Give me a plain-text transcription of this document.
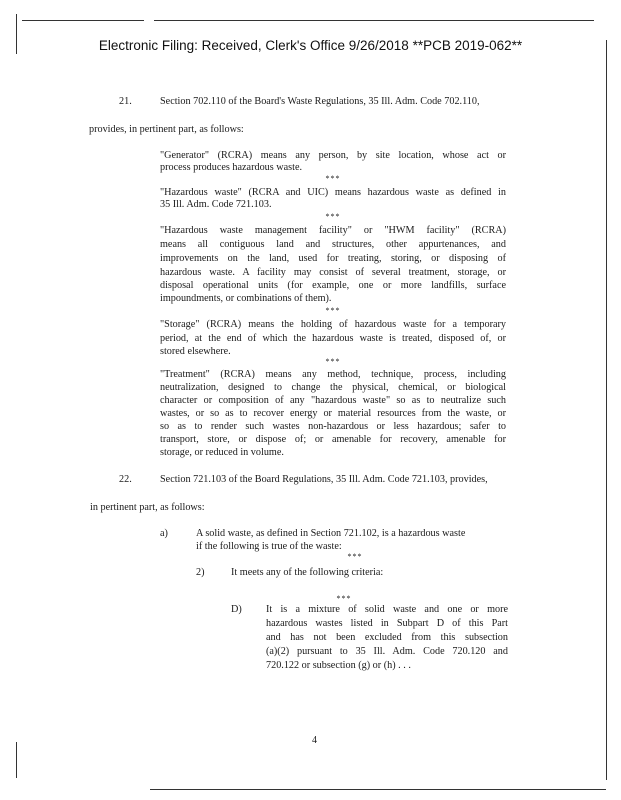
Electronic Filing: Received, Clerk's Office 9/26/2018 **PCB 2019-062**
21.	Section 702.110 of the Board's Waste Regulations, 35 Ill. Adm. Code 702.110,
provides, in pertinent part, as follows:
"Generator" (RCRA) means any person, by site location, whose act or
process produces hazardous waste.
***
"Hazardous waste" (RCRA and UIC) means hazardous waste as defined in
35 Ill. Adm. Code 721.103.
***
"Hazardous waste management facility" or "HWM facility" (RCRA)
means all contiguous land and structures, other appurtenances, and
improvements on the land, used for treating, storing, or disposing of
hazardous waste. A facility may consist of several treatment, storage, or
disposal operational units (for example, one or more landfills, surface
impoundments, or combinations of them).
***
"Storage" (RCRA) means the holding of hazardous waste for a temporary
period, at the end of which the hazardous waste is treated, disposed of, or
stored elsewhere.
***
"Treatment" (RCRA) means any method, technique, process, including
neutralization, designed to change the physical, chemical, or biological
character or composition of any "hazardous waste" so as to neutralize such
wastes, or so as to recover energy or material resources from the waste, or
so as to render such wastes non-hazardous or less hazardous; safer to
transport, store, or dispose of; or amenable for recovery, amenable for
storage, or reduced in volume.
22.	Section 721.103 of the Board Regulations, 35 Ill. Adm. Code 721.103, provides,
in pertinent part, as follows:
a)	A solid waste, as defined in Section 721.102, is a hazardous waste
if the following is true of the waste:
***
2)	It meets any of the following criteria:
***
D) It is a mixture of solid waste and one or more
hazardous wastes listed in Subpart D of this Part
and has not been excluded from this subsection
(a)(2) pursuant to 35 Ill. Adm. Code 720.120 and
720.122 or subsection (g) or (h) . . .
4
